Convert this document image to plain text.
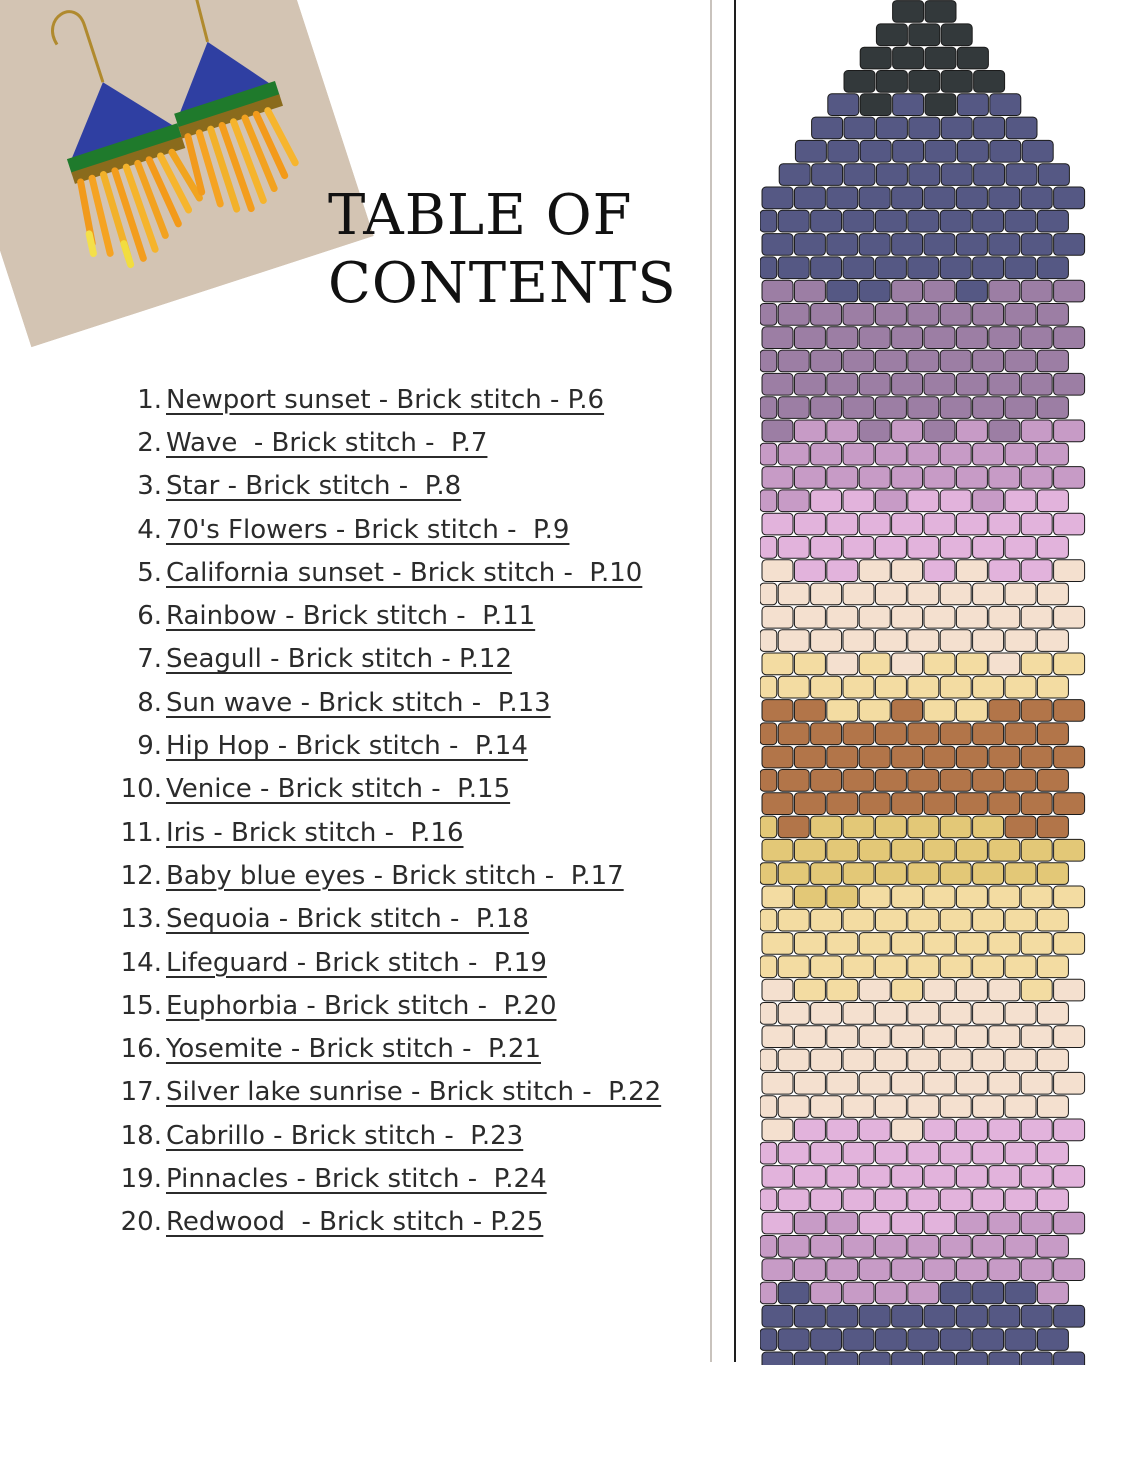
TABLE OF
CONTENTS
1. Newport sunset - Brick stitch - P.6
2. Wave  - Brick stitch -  P.7
3. Star - Brick stitch -  P.8
4. 70's Flowers - Brick stitch -  P.9
5. California sunset - Brick stitch -  P.10
6. Rainbow - Brick stitch -  P.11
7. Seagull - Brick stitch - P.12
8. Sun wave - Brick stitch -  P.13
9. Hip Hop - Brick stitch -  P.14
10. Venice - Brick stitch -  P.15
11. Iris - Brick stitch -  P.16
12. Baby blue eyes - Brick stitch -  P.17
13. Sequoia - Brick stitch -  P.18
14. Lifeguard - Brick stitch -  P.19
15. Euphorbia - Brick stitch -  P.20
16. Yosemite - Brick stitch -  P.21
17. Silver lake sunrise - Brick stitch -  P.22
18. Cabrillo - Brick stitch -  P.23
19. Pinnacles - Brick stitch -  P.24
20. Redwood  - Brick stitch - P.25
